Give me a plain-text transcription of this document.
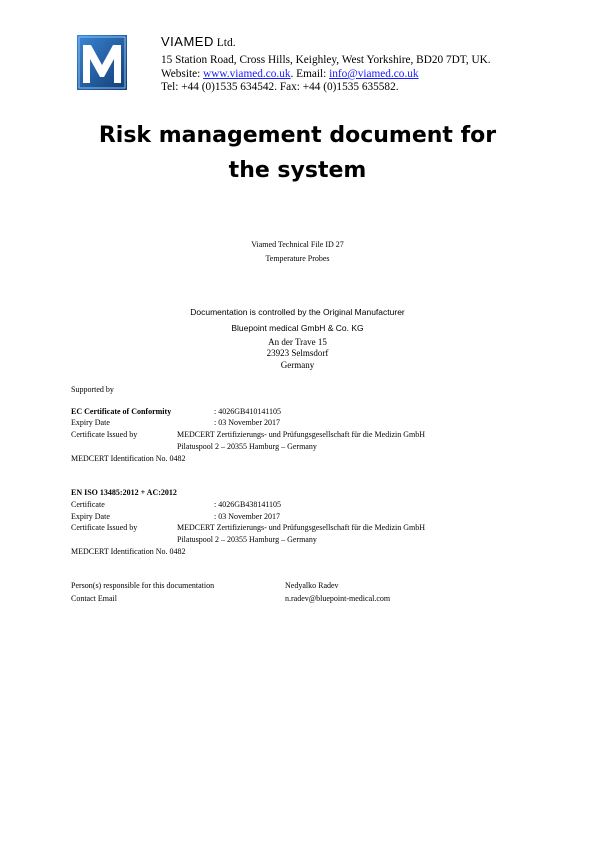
VIAMED Ltd.
15 Station Road, Cross Hills, Keighley, West Yorkshire, BD20 7DT, UK.
Website: www.viamed.co.uk. Email: info@viamed.co.uk
Tel: +44 (0)1535 634542. Fax: +44 (0)1535 635582.
Risk management document for
the system
Viamed Technical File ID 27
Temperature Probes
Documentation is controlled by the Original Manufacturer
Bluepoint medical GmbH & Co. KG
An der Trave 15
23923 Selmsdorf
Germany
Supported by
EC Certificate of Conformity	: 4026GB410141105
Expiry Date	: 03 November 2017
Certificate Issued by	MEDCERT Zertifizierungs- und Prüfungsgesellschaft für die Medizin GmbH
Pilatuspool 2 – 20355 Hamburg – Germany
MEDCERT Identification No. 0482
EN ISO 13485:2012 + AC:2012
Certificate	: 4026GB438141105
Expiry Date	: 03 November 2017
Certificate Issued by	MEDCERT Zertifizierungs- und Prüfungsgesellschaft für die Medizin GmbH
Pilatuspool 2 – 20355 Hamburg – Germany
MEDCERT Identification No. 0482
Person(s) responsible for this documentation	Nedyalko Radev
Contact Email	n.radev@bluepoint-medical.com
